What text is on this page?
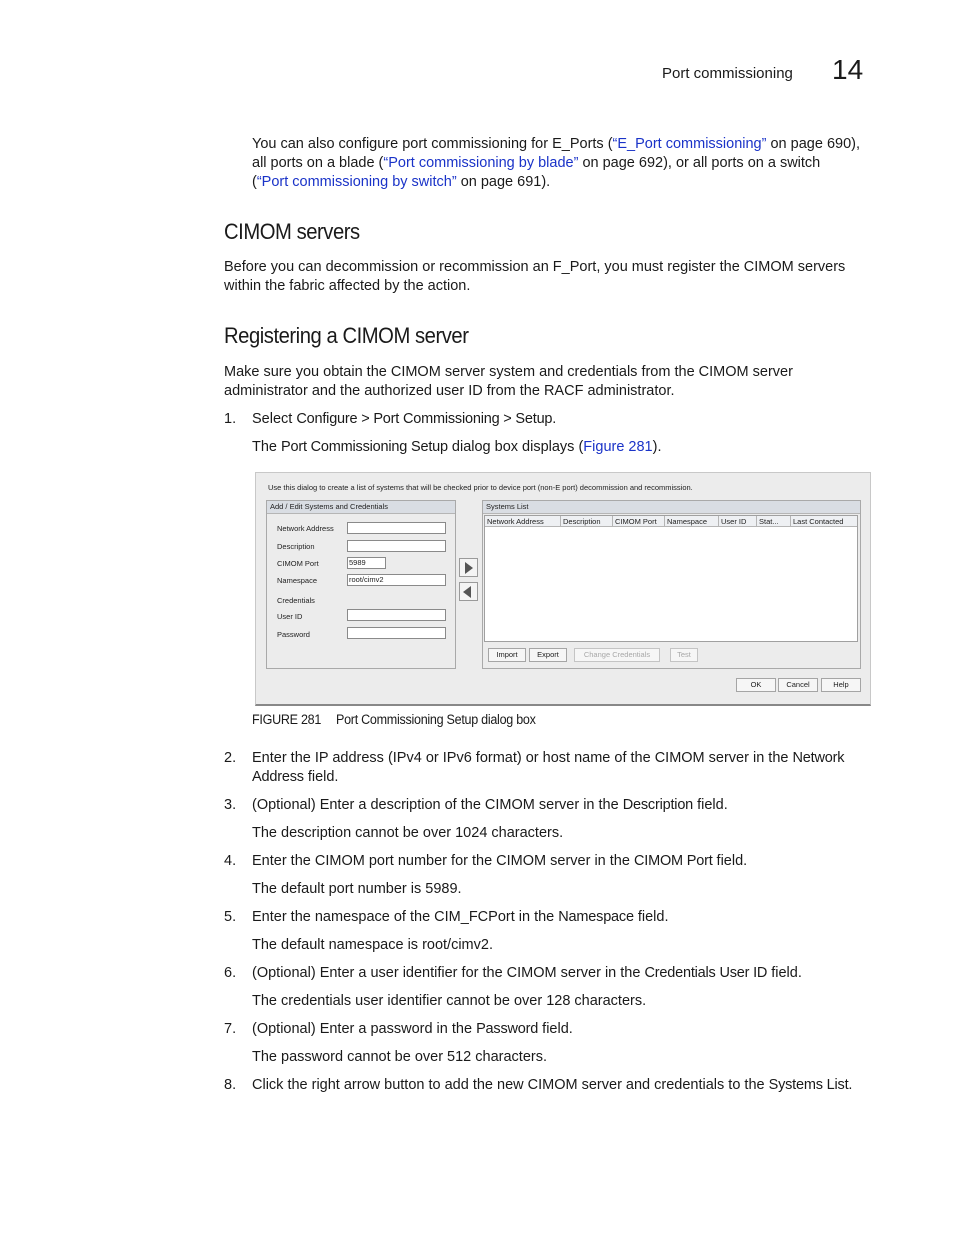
Port commissioning 14
You can also configure port commissioning for E_Ports (“E_Port commissioning” on page 690),
all ports on a blade (“Port commissioning by blade” on page 692), or all ports on a switch
(“Port commissioning by switch” on page 691).
CIMOM servers
Before you can decommission or recommission an F_Port, you must register the CIMOM servers
within the fabric affected by the action.
Registering a CIMOM server
Make sure you obtain the CIMOM server system and credentials from the CIMOM server
administrator and the authorized user ID from the RACF administrator.
1. Select Configure > Port Commissioning > Setup.
The Port Commissioning Setup dialog box displays (Figure 281).
Use this dialog to create a list of systems that will be checked prior to device port (non-E port) decommission and recommission.
Add / Edit Systems and Credentials
Network Address
Description
CIMOM Port	5989
Namespace	root/cimv2
Credentials
User ID
Password
Systems List
Network Address	Description	CIMOM Port	Namespace	User ID	Stat...	Last Contacted
Import	Export	Change Credentials	Test
OK	Cancel	Help
FIGURE 281 Port Commissioning Setup dialog box
2. Enter the IP address (IPv4 or IPv6 format) or host name of the CIMOM server in the Network
Address field.
3. (Optional) Enter a description of the CIMOM server in the Description field.
The description cannot be over 1024 characters.
4. Enter the CIMOM port number for the CIMOM server in the CIMOM Port field.
The default port number is 5989.
5. Enter the namespace of the CIM_FCPort in the Namespace field.
The default namespace is root/cimv2.
6. (Optional) Enter a user identifier for the CIMOM server in the Credentials User ID field.
The credentials user identifier cannot be over 128 characters.
7. (Optional) Enter a password in the Password field.
The password cannot be over 512 characters.
8. Click the right arrow button to add the new CIMOM server and credentials to the Systems List.
